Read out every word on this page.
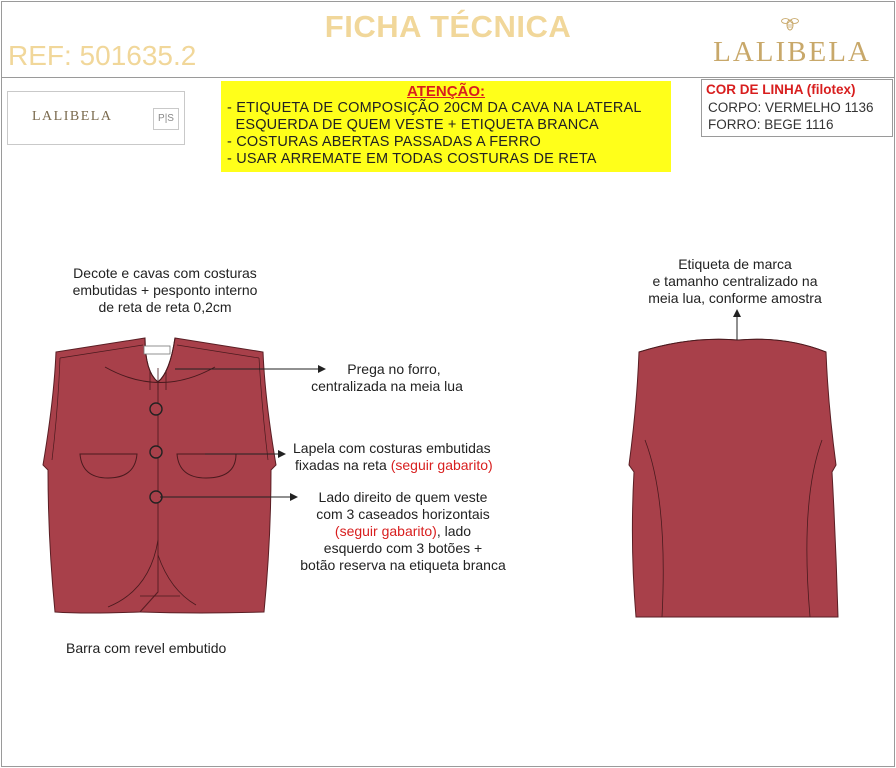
FICHA TÉCNICA
REF: 501635.2	LALIBELA
LALIBELA	P|S
ATENÇÃO:
- ETIQUETA DE COMPOSIÇÃO 20CM DA CAVA NA LATERAL
ESQUERDA DE QUEM VESTE + ETIQUETA BRANCA
- COSTURAS ABERTAS PASSADAS A FERRO
- USAR ARREMATE EM TODAS COSTURAS DE RETA
COR DE LINHA (filotex)
CORPO: VERMELHO 1136
FORRO: BEGE 1116
Decote e cavas com costuras
embutidas + pesponto interno
de reta de reta 0,2cm
Prega no forro,
centralizada na meia lua
Lapela com costuras embutidas
fixadas na reta (seguir gabarito)
Lado direito de quem veste
com 3 caseados horizontais
(seguir gabarito), lado
esquerdo com 3 botões +
botão reserva na etiqueta branca
Barra com revel embutido
Etiqueta de marca
e tamanho centralizado na
meia lua, conforme amostra
